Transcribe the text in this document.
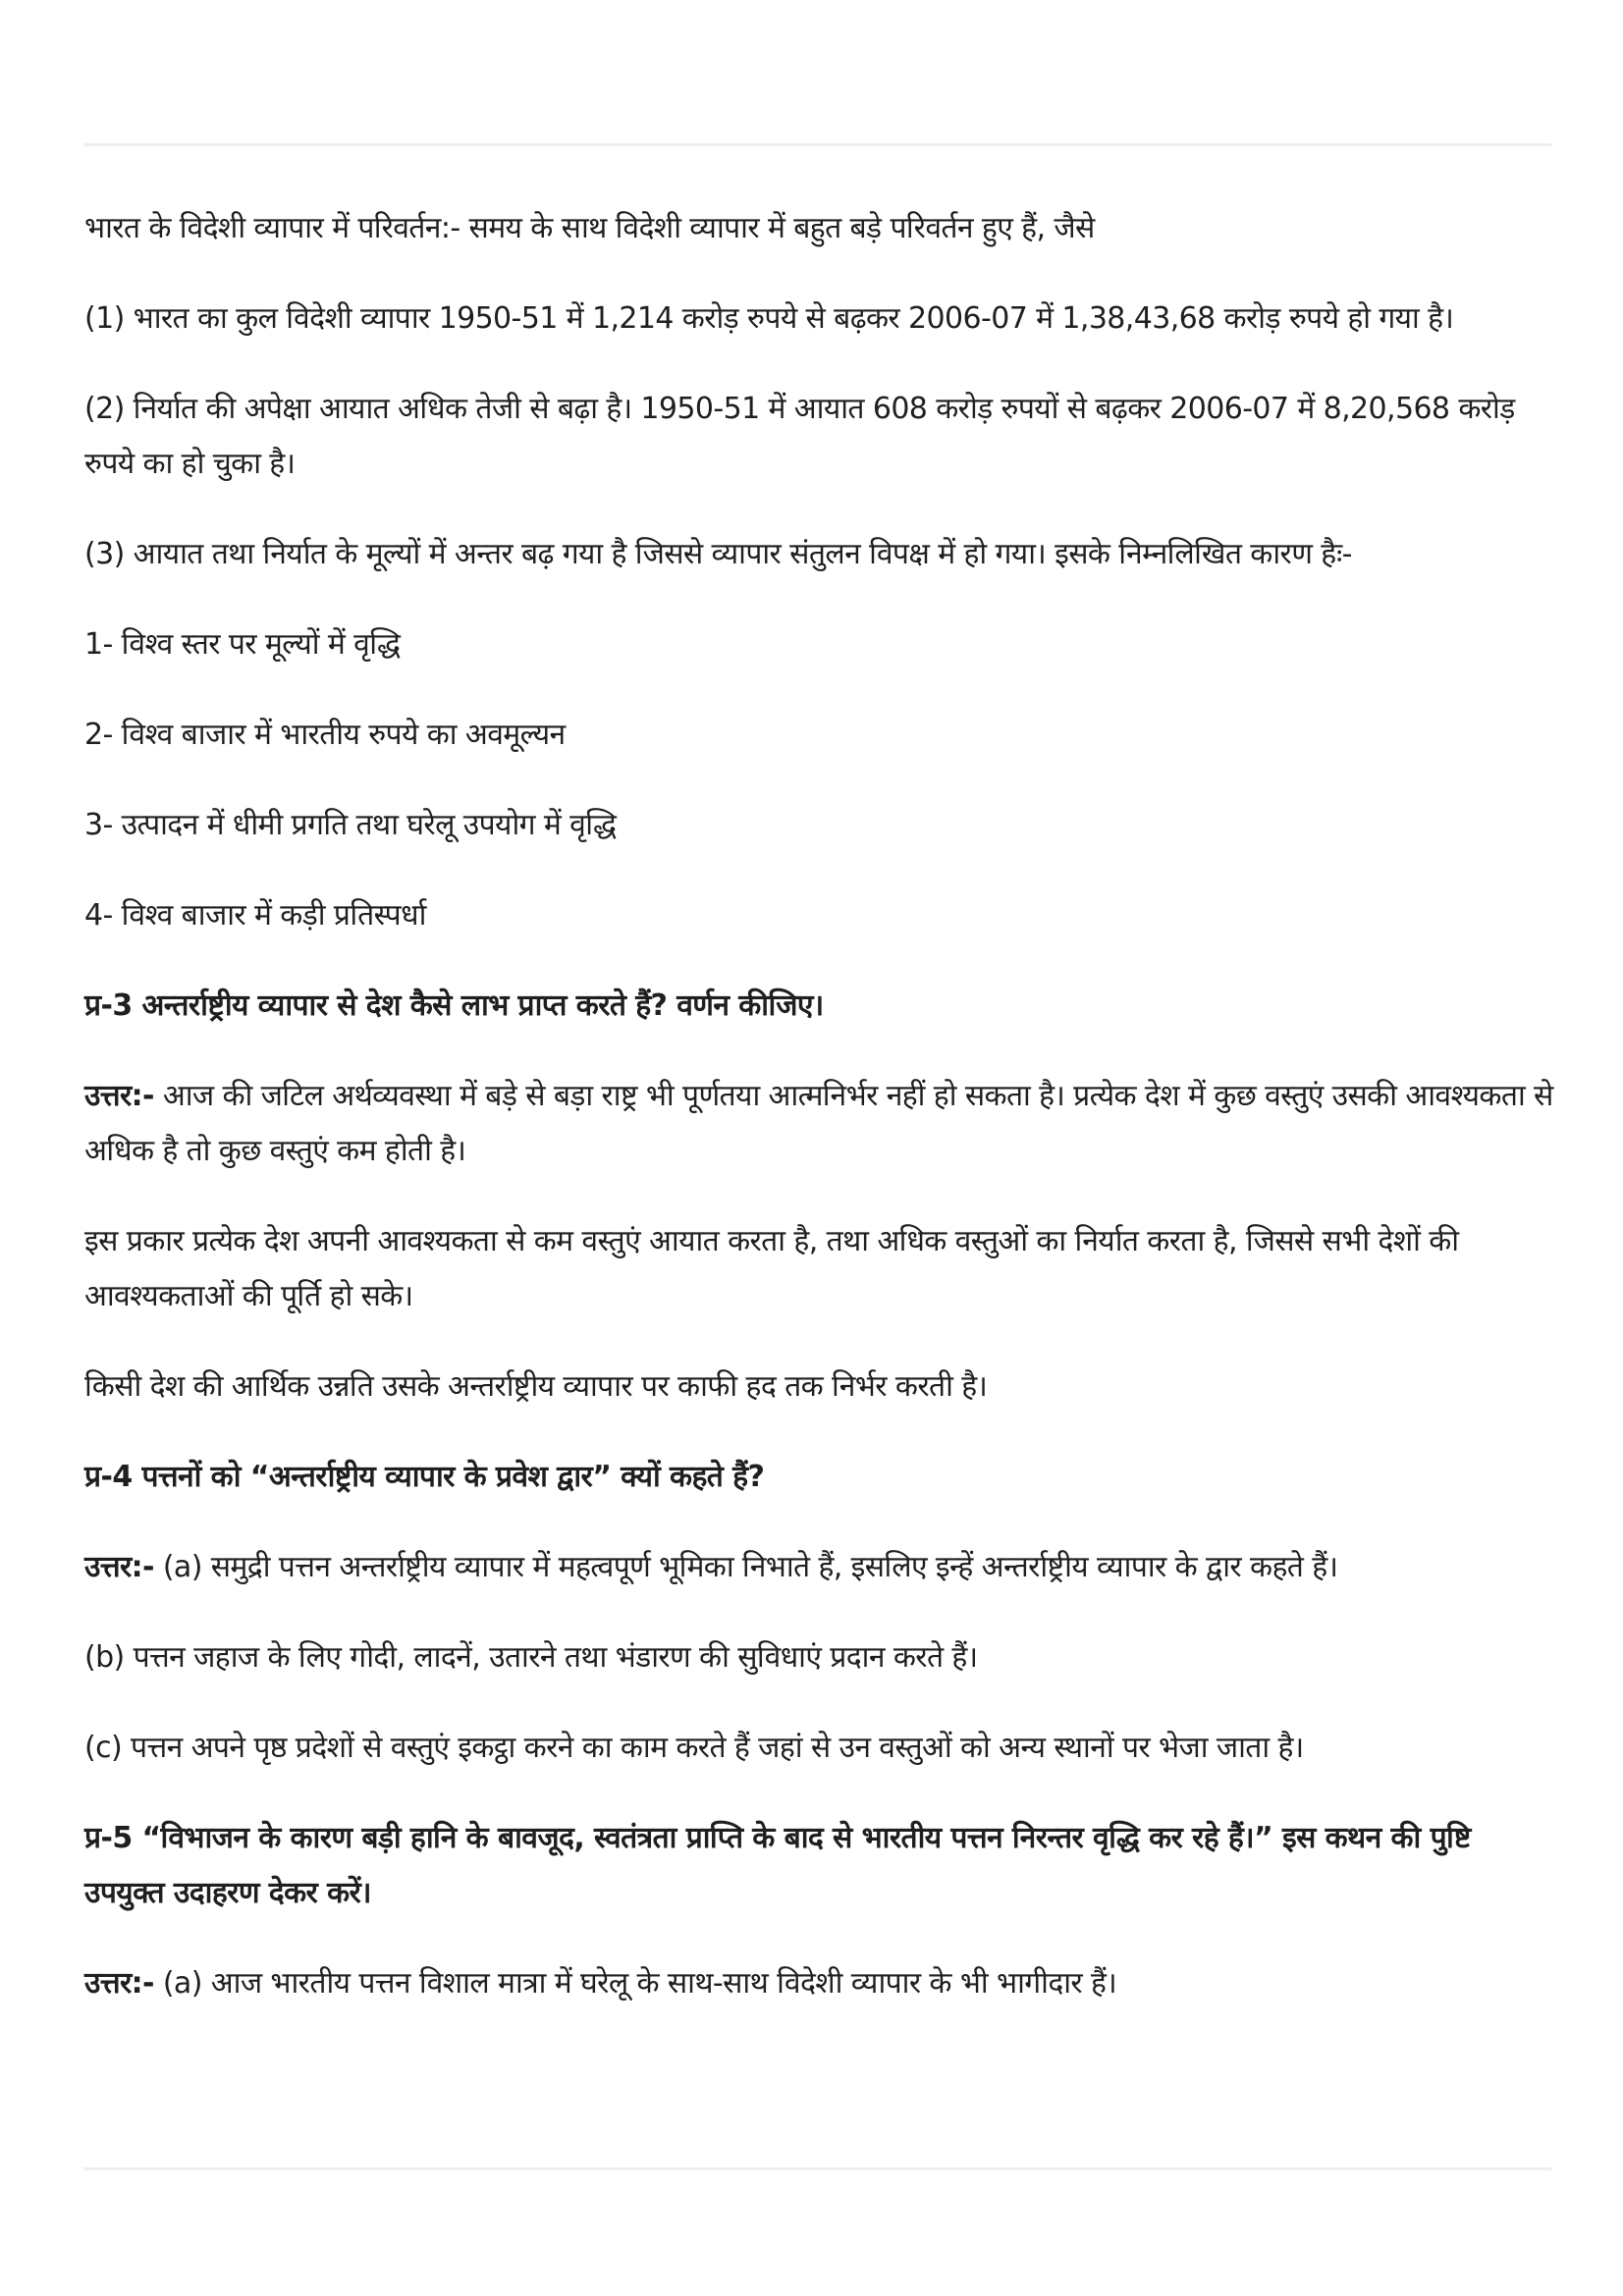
भारत के विदेशी व्यापार में परिवर्तन:- समय के साथ विदेशी व्यापार में बहुत बड़े परिवर्तन हुए हैं, जैसे

(1) भारत का कुल विदेशी व्यापार 1950-51 में 1,214 करोड़ रुपये से बढ़कर 2006-07 में 1,38,43,68 करोड़ रुपये हो गया है।

(2) निर्यात की अपेक्षा आयात अधिक तेजी से बढ़ा है। 1950-51 में आयात 608 करोड़ रुपयों से बढ़कर 2006-07 में 8,20,568 करोड़ रुपये का हो चुका है।

(3) आयात तथा निर्यात के मूल्यों में अन्तर बढ़ गया है जिससे व्यापार संतुलन विपक्ष में हो गया। इसके निम्नलिखित कारण हैः-

1- विश्व स्तर पर मूल्यों में वृद्धि

2- विश्व बाजार में भारतीय रुपये का अवमूल्यन

3- उत्पादन में धीमी प्रगति तथा घरेलू उपयोग में वृद्धि

4- विश्व बाजार में कड़ी प्रतिस्पर्धा

प्र-3 अन्तर्राष्ट्रीय व्यापार से देश कैसे लाभ प्राप्त करते हैं? वर्णन कीजिए।

उत्तर:- आज की जटिल अर्थव्यवस्था में बड़े से बड़ा राष्ट्र भी पूर्णतया आत्मनिर्भर नहीं हो सकता है। प्रत्येक देश में कुछ वस्तुएं उसकी आवश्यकता से अधिक है तो कुछ वस्तुएं कम होती है।

इस प्रकार प्रत्येक देश अपनी आवश्यकता से कम वस्तुएं आयात करता है, तथा अधिक वस्तुओं का निर्यात करता है, जिससे सभी देशों की आवश्यकताओं की पूर्ति हो सके।

किसी देश की आर्थिक उन्नति उसके अन्तर्राष्ट्रीय व्यापार पर काफी हद तक निर्भर करती है।

प्र-4 पत्तनों को “अन्तर्राष्ट्रीय व्यापार के प्रवेश द्वार” क्यों कहते हैं?

उत्तर:- (a) समुद्री पत्तन अन्तर्राष्ट्रीय व्यापार में महत्वपूर्ण भूमिका निभाते हैं, इसलिए इन्हें अन्तर्राष्ट्रीय व्यापार के द्वार कहते हैं।

(b) पत्तन जहाज के लिए गोदी, लादनें, उतारने तथा भंडारण की सुविधाएं प्रदान करते हैं।

(c) पत्तन अपने पृष्ठ प्रदेशों से वस्तुएं इकट्ठा करने का काम करते हैं जहां से उन वस्तुओं को अन्य स्थानों पर भेजा जाता है।

प्र-5 “विभाजन के कारण बड़ी हानि के बावजूद, स्वतंत्रता प्राप्ति के बाद से भारतीय पत्तन निरन्तर वृद्धि कर रहे हैं।” इस कथन की पुष्टि उपयुक्त उदाहरण देकर करें।

उत्तर:- (a) आज भारतीय पत्तन विशाल मात्रा में घरेलू के साथ-साथ विदेशी व्यापार के भी भागीदार हैं।
